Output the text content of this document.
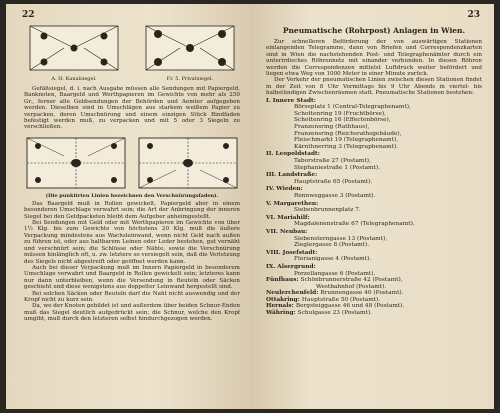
22
A. H. Kanalsiegel.	Fr. 5. Privatsiegel.

Gefäßsiegel, d. i. nach Ausgabe müssen alle Sendungen mit Papiergeld, Banknoten, Baargeld und Werthpapieren im Gewichte von mehr als 250 Gr., ferner alle Geldsendungen der Behörden und Aemter aufgegeben werden. Dieselben sind in Umschlägen aus starkem weißem Papier zu verpacken, deren Umschnürung und einem einzigen Stück Bindfaden befestigt werden muß, zu verpacken und mit 5 oder 3 Siegeln zu verschließen.

(Die punktirten Linien bezeichnen den Verschnürungsfaden).

Das Baargeld muß in Rollen gewickelt, Papiergeld aber in einem besonderen Umschlage verwahrt sein; die Art der Anbringung der inneren Siegel bei den Geldpacketen bleibt dem Aufgeber anheimgestellt.

Bei Sendungen mit Geld oder mit Werthpapieren im Gewichte von über 1½ Klg. bis zum Gewichte von höchstens 20 Klg. muß die äußere Verpackung mindestens aus Wachsleinwand, wenn nicht Geld nach außen zu führen ist, oder aus haltbarem Leinen oder Leder bestehen, gut vernäht und verschnürt sein; die Schlüsse oder Nähte, sowie die Verschnürung müssen hinlänglich oft, u. zw. letztere so versiegelt sein, daß die Verletzung des Siegels nicht abgestreift oder geöffnet werden kann.

Auch bei dieser Verpackung muß im Innern Papiergeld in besonderem Umschlage verwahrt und Baargeld in Rollen gewickelt sein; letzteres kann nur dann unterbleiben, wenn die Versendung in Beuteln oder Säcken geschieht und diese wenigstens aus doppelter Leinwand hergestellt sind.

Bei solchen Säcken oder Beuteln darf die Naht nicht auswendig und der Kropf nicht zu kurz sein.

Da, wo der Knoten gebildet ist und außerdem über beiden Schnur-Enden muß das Siegel deutlich aufgedrückt sein; die Schnur, welche den Kropf umgibt, muß durch den letzteren selbst hindurchgezogen werden.

23
Pneumatische (Rohrpost) Anlagen in Wien.

Zur schnelleren Beförderung der von auswärtigen Stationen einlangenden Telegramme, dann von Briefen und Correspondenzkarten sind in Wien die nachstehenden Post- und Telegraphenämter durch ein unterirdisches Röhrennetz mit einander verbunden. In diesen Röhren werden die Correspondenzen mittelst Luftdruck weiter befördert und liegen etwa Weg von 1000 Meter in einer Minute zurück.

Der Verkehr der pneumatischen Linien zwischen diesen Stationen findet in der Zeit von 8 Uhr Vormittags bis 9 Uhr Abends in viertel- bis halbstündigen Zwischenräumen statt. Pneumatische Stationen bestehen:

I. Innere Stadt:
Börseplatz 1 (Central-Telegraphenamt),
Schottenring 19 (Fruchtbörse),
Schottenring 16 (Effectenbörse),
Franzensring (Rathhaus),
Franzensring (Reichsrathsgebäude),
Fleischmarkt 19 (Telegraphenamt),
Kärnthnerring 3 (Telegraphenamt).
II. Leopoldstadt:
Taborstraße 27 (Postamt),
Stephaniestraße 1 (Postamt).
III. Landstraße:
Hauptstraße 65 (Postamt).
IV. Wieden:
Rennweggasse 3 (Postamt).
V. Margarethen:
Siebenbrunnenplatz 7.
VI. Mariahilf:
Magdalenenstraße 67 (Telegraphenamt).
VII. Neubau:
Siebensterngasse 13 (Postamt),
Zieglergasse 8 (Postamt).
VIII. Josefstadt:
Florianigasse 4 (Postamt).
IX. Alsergrund:
Porzellangasse 6 (Postamt).
Fünfhaus: Schönbrunnerstraße 42 (Postamt),
Westbahnhof (Postamt).
Neulerchenfeld: Brunnengasse 40 (Postamt).
Ottakring: Hauptstraße 50 (Postamt).
Hernals: Bergsteiggasse 46 und 48 (Postamt).
Währing: Schulgasse 23 (Postamt).
